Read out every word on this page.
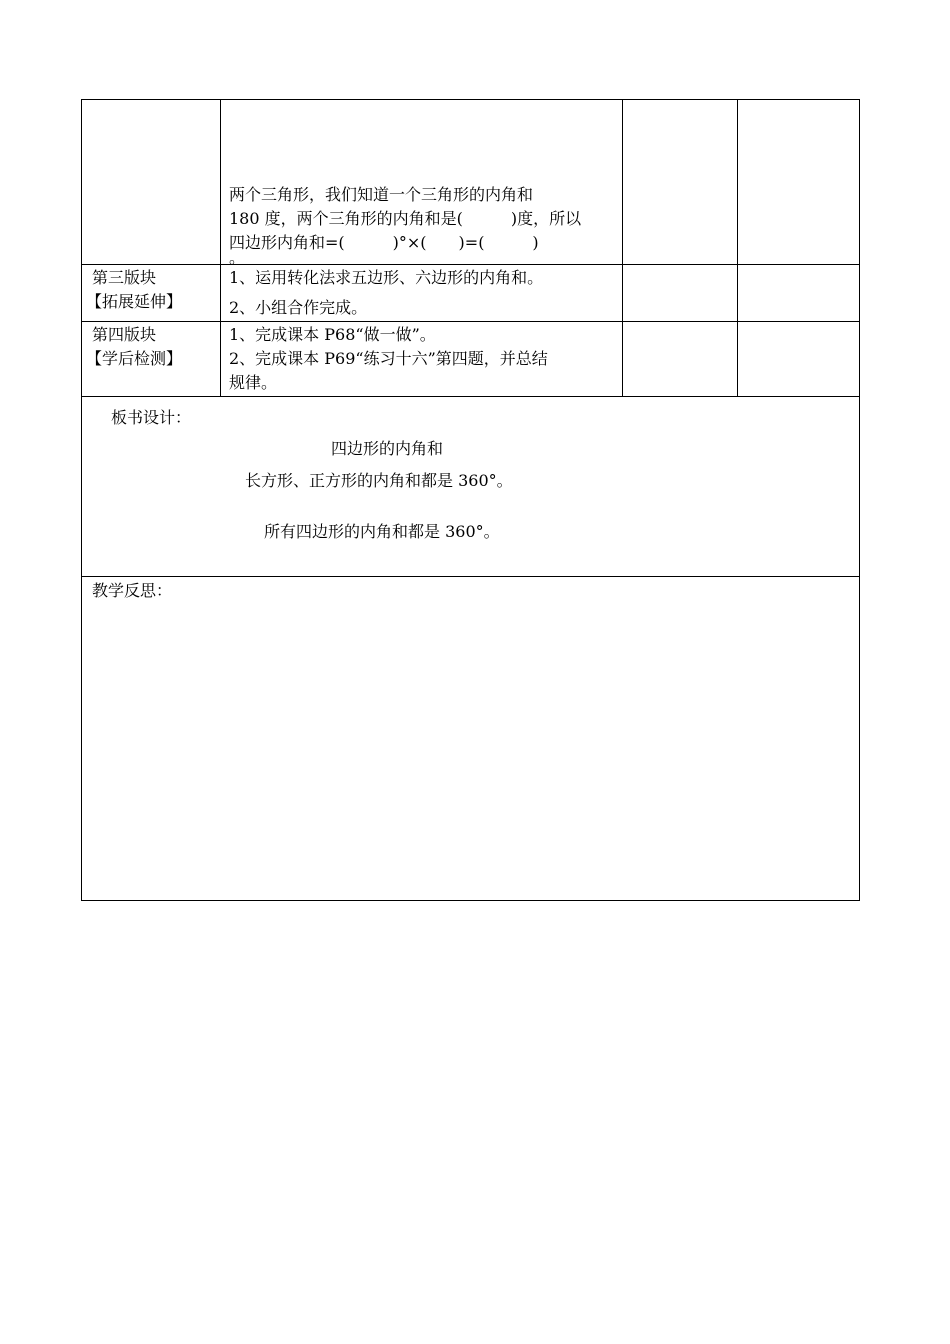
两个三角形，我们知道一个三角形的内角和
180 度，两个三角形的内角和是(　　　)度，所以
四边形内角和=(　　　)°×(　　)=(　　　)
。
第三版块
【拓展延伸】
1、运用转化法求五边形、六边形的内角和。
2、小组合作完成。
第四版块
【学后检测】
1、完成课本 P68“做一做”。
2、完成课本 P69“练习十六”第四题，并总结
规律。
板书设计：
四边形的内角和
长方形、正方形的内角和都是 360°。
所有四边形的内角和都是 360°。
教学反思：
